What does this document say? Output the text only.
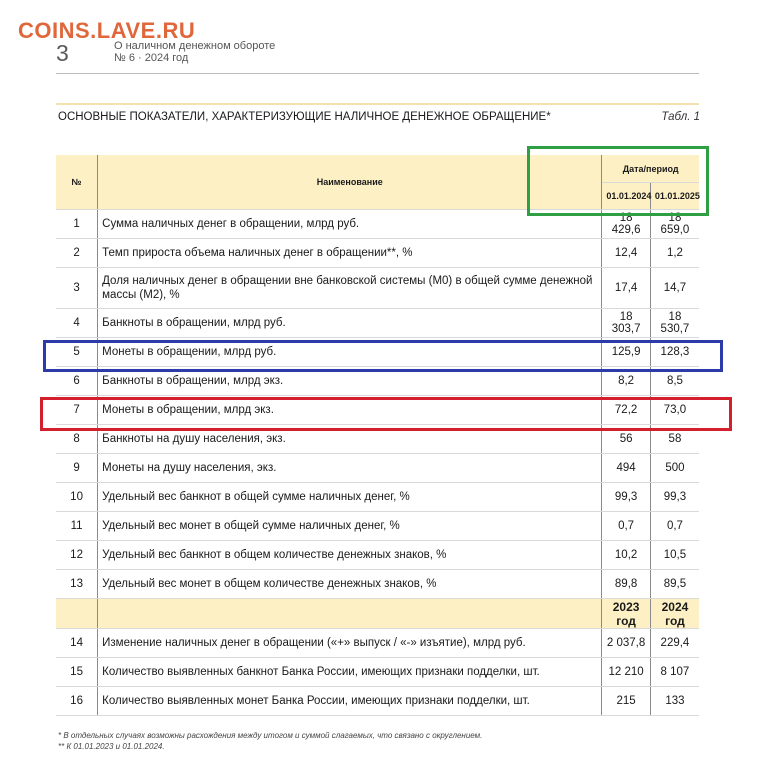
COINS.LAVE.RU
3	О наличном денежном обороте
№ 6 · 2024 год
ОСНОВНЫЕ ПОКАЗАТЕЛИ, ХАРАКТЕРИЗУЮЩИЕ НАЛИЧНОЕ ДЕНЕЖНОЕ ОБРАЩЕНИЕ*	Табл. 1
№	Наименование	Дата/период	
		01.01.2024	01.01.2025
1	Сумма наличных денег в обращении, млрд руб.	18 429,6	18 659,0
2	Темп прироста объема наличных денег в обращении**, %	12,4	1,2
3	Доля наличных денег в обращении вне банковской системы (М0) в общей сумме денежной массы (М2), %	17,4	14,7
4	Банкноты в обращении, млрд руб.	18 303,7	18 530,7
5	Монеты в обращении, млрд руб.	125,9	128,3
6	Банкноты в обращении, млрд экз.	8,2	8,5
7	Монеты в обращении, млрд экз.	72,2	73,0
8	Банкноты на душу населения, экз.	56	58
9	Монеты на душу населения, экз.	494	500
10	Удельный вес банкнот в общей сумме наличных денег, %	99,3	99,3
11	Удельный вес монет в общей сумме наличных денег, %	0,7	0,7
12	Удельный вес банкнот в общем количестве денежных знаков, %	10,2	10,5
13	Удельный вес монет в общем количестве денежных знаков, %	89,8	89,5
		2023 год	2024 год
14	Изменение наличных денег в обращении («+» выпуск / «-» изъятие), млрд руб.	2 037,8	229,4
15	Количество выявленных банкнот Банка России, имеющих признаки подделки, шт.	12 210	8 107
16	Количество выявленных монет Банка России, имеющих признаки подделки, шт.	215	133
* В отдельных случаях возможны расхождения между итогом и суммой слагаемых, что связано с округлением.
** К 01.01.2023 и 01.01.2024.
